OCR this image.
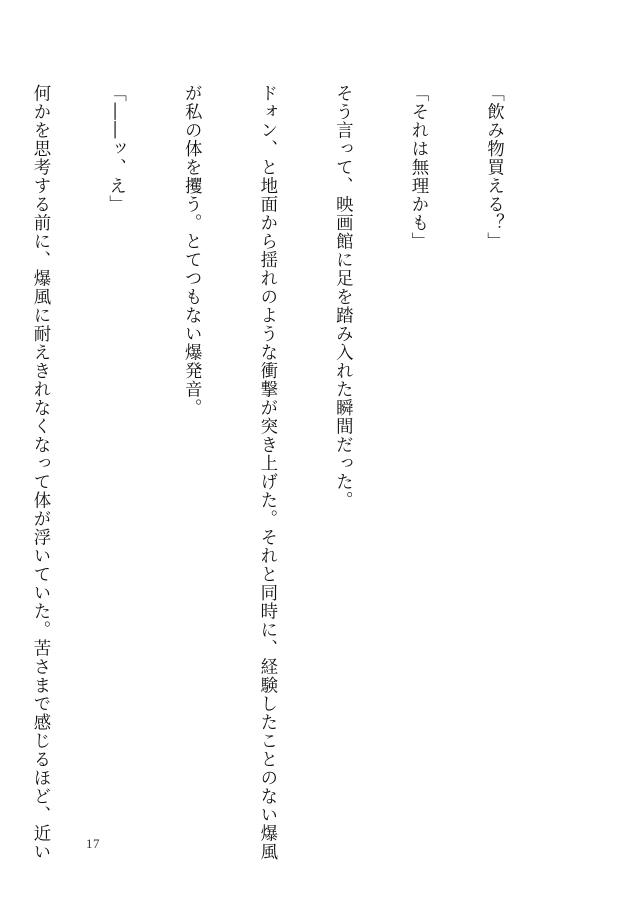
「飲み物買える？」

「それは無理かも」

そう言って、映画館に足を踏み入れた瞬間だった。

ドォン、と地面から揺れのような衝撃が突き上げた。それと同時に、経験したことのない爆風

が私の体を攫う。とてつもない爆発音。

「――ッ、え」

何かを思考する前に、爆風に耐えきれなくなって体が浮いていた。苦さまで感じるほど、近い

	17
